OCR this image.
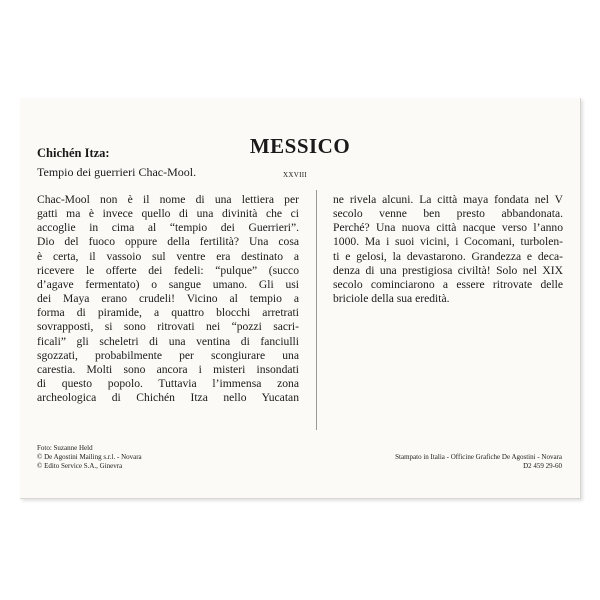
MESSICO
Chichén Itza:
Tempio dei guerrieri Chac-Mool.	XXVIII
Chac-Mool non è il nome di una lettiera per
gatti ma è invece quello di una divinità che ci
accoglie in cima al “tempio dei Guerrieri”.
Dio del fuoco oppure della fertilità? Una cosa
è certa, il vassoio sul ventre era destinato a
ricevere le offerte dei fedeli: “pulque” (succo
d’agave fermentato) o sangue umano. Gli usi
dei Maya erano crudeli! Vicino al tempio a
forma di piramide, a quattro blocchi arretrati
sovrapposti, si sono ritrovati nei “pozzi sacri-
ficali” gli scheletri di una ventina di fanciulli
sgozzati, probabilmente per scongiurare una
carestia. Molti sono ancora i misteri insondati
di questo popolo. Tuttavia l’immensa zona
archeologica di Chichén Itza nello Yucatan
ne rivela alcuni. La città maya fondata nel V
secolo venne ben presto abbandonata.
Perché? Una nuova città nacque verso l’anno
1000. Ma i suoi vicini, i Cocomani, turbolen-
ti e gelosi, la devastarono. Grandezza e deca-
denza di una prestigiosa civiltà! Solo nel XIX
secolo cominciarono a essere ritrovate delle
briciole della sua eredità.
Foto: Suzanne Held
© De Agostini Mailing s.r.l. - Novara
© Edito Service S.A., Ginevra
Stampato in Italia - Officine Grafiche De Agostini - Novara
D2 459 29-60
